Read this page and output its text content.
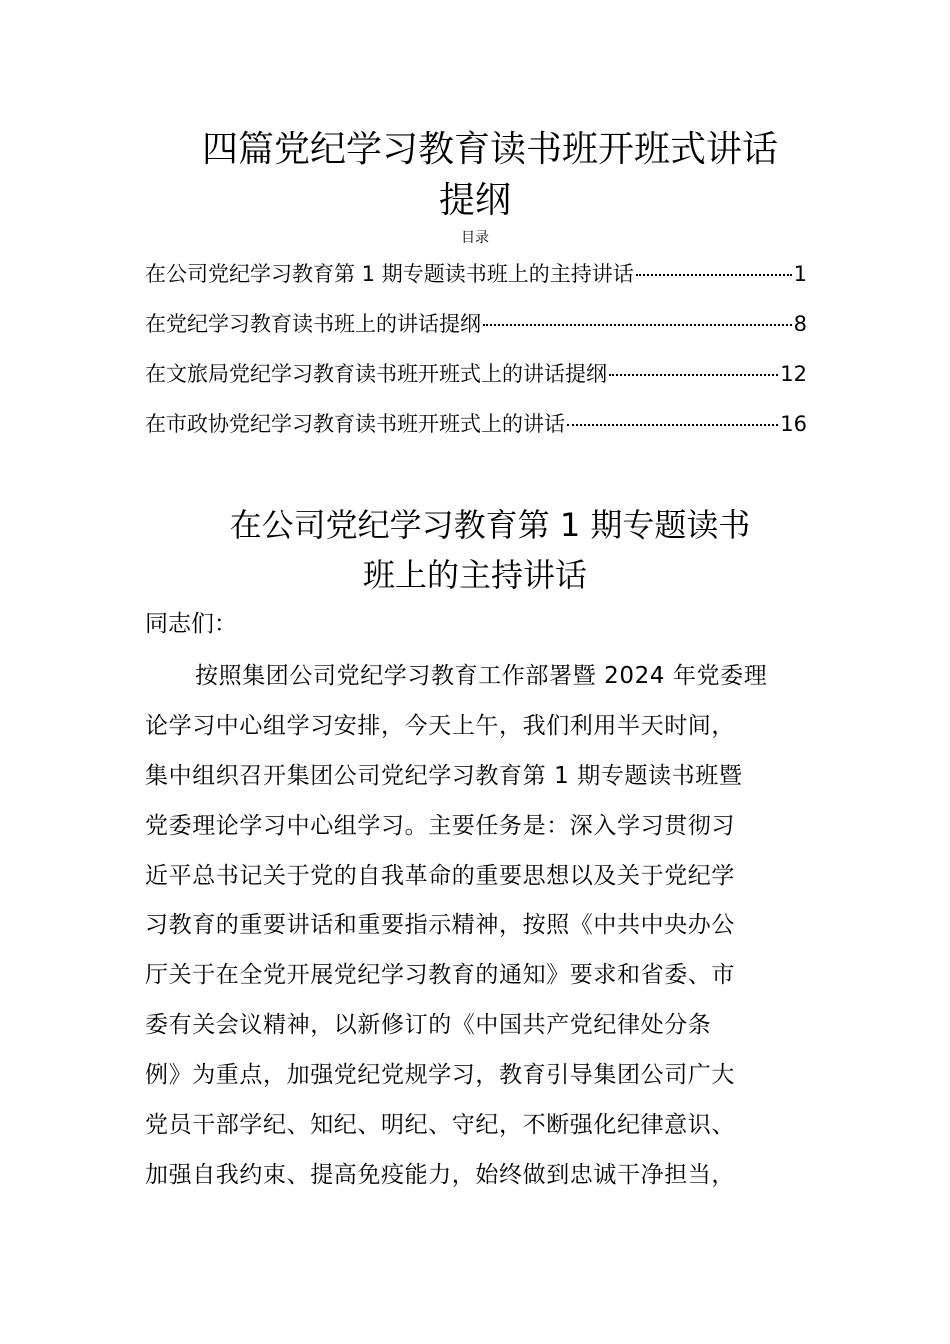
四篇党纪学习教育读书班开班式讲话
提纲
目录
在公司党纪学习教育第 1 期专题读书班上的主持讲话	1
在党纪学习教育读书班上的讲话提纲	8
在文旅局党纪学习教育读书班开班式上的讲话提纲	12
在市政协党纪学习教育读书班开班式上的讲话	16
在公司党纪学习教育第 1 期专题读书
班上的主持讲话
同志们：
按照集团公司党纪学习教育工作部署暨 2024 年党委理
论学习中心组学习安排，今天上午，我们利用半天时间，
集中组织召开集团公司党纪学习教育第 1 期专题读书班暨
党委理论学习中心组学习。主要任务是：深入学习贯彻习
近平总书记关于党的自我革命的重要思想以及关于党纪学
习教育的重要讲话和重要指示精神，按照《中共中央办公
厅关于在全党开展党纪学习教育的通知》要求和省委、市
委有关会议精神，以新修订的《中国共产党纪律处分条
例》为重点，加强党纪党规学习，教育引导集团公司广大
党员干部学纪、知纪、明纪、守纪，不断强化纪律意识、
加强自我约束、提高免疫能力，始终做到忠诚干净担当，
